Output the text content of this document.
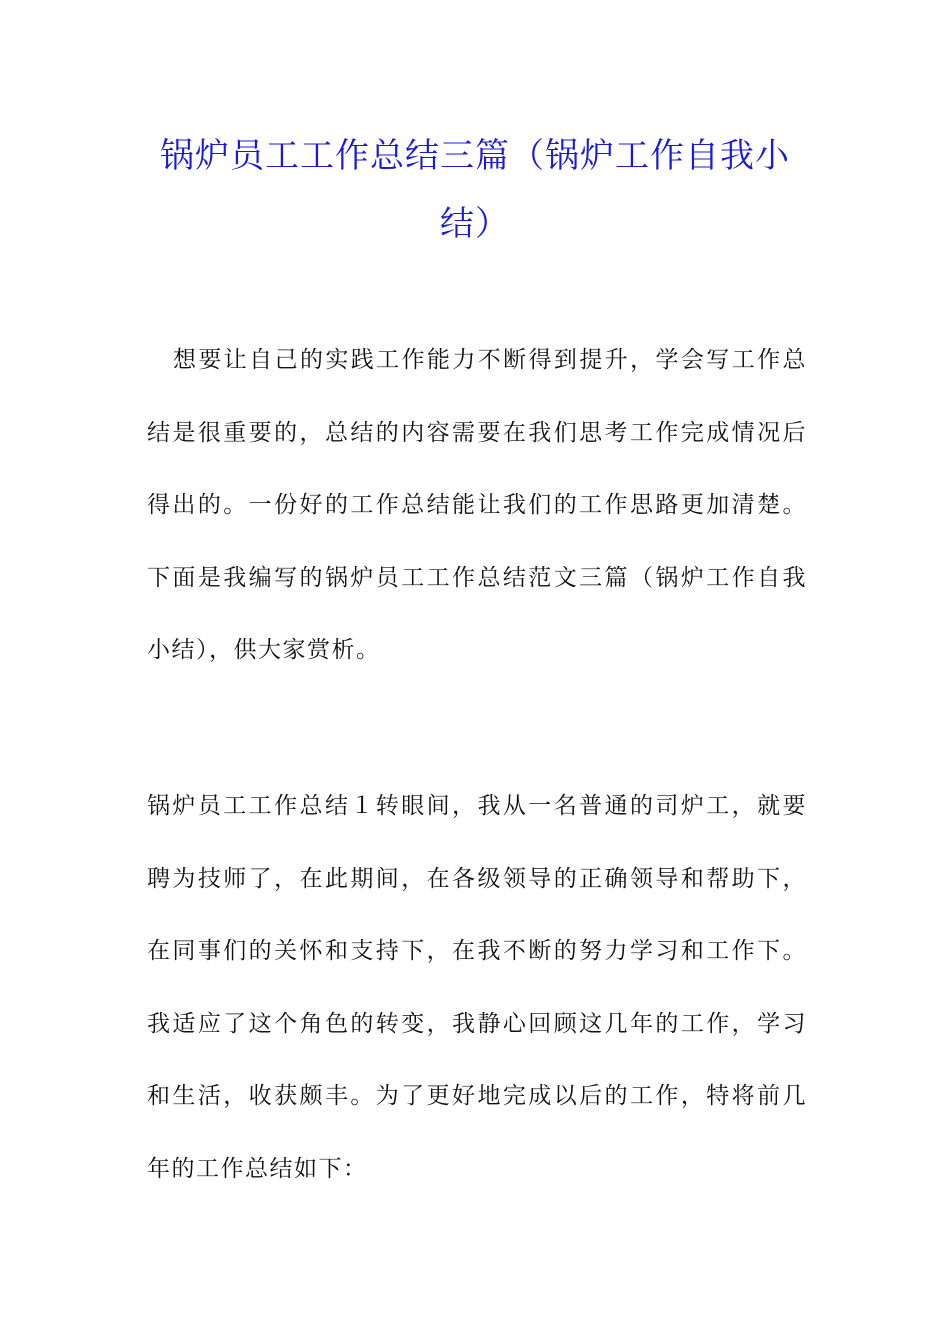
锅炉员工工作总结三篇（锅炉工作自我小结）

想要让自己的实践工作能力不断得到提升，学会写工作总结是很重要的，总结的内容需要在我们思考工作完成情况后得出的。一份好的工作总结能让我们的工作思路更加清楚。下面是我编写的锅炉员工工作总结范文三篇（锅炉工作自我小结），供大家赏析。

锅炉员工工作总结１转眼间，我从一名普通的司炉工，就要聘为技师了，在此期间，在各级领导的正确领导和帮助下，在同事们的关怀和支持下，在我不断的努力学习和工作下。我适应了这个角色的转变，我静心回顾这几年的工作，学习和生活，收获颇丰。为了更好地完成以后的工作，特将前几年的工作总结如下：
